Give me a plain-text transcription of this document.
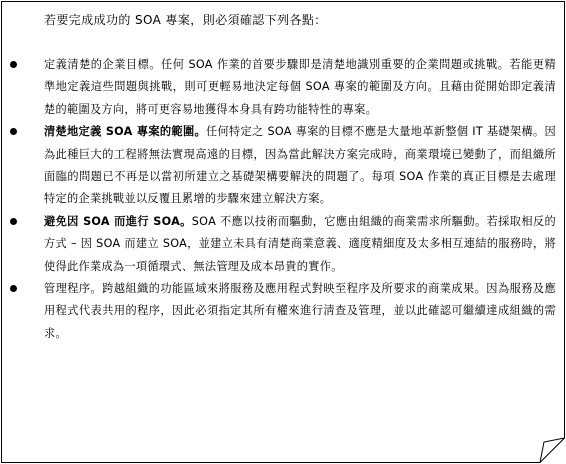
若要完成成功的 SOA 專案，則必須確認下列各點：
定義清楚的企業目標。任何 SOA 作業的首要步驟即是清楚地識別重要的企業問題或挑戰。若能更精準地定義這些問題與挑戰，則可更輕易地決定每個 SOA 專案的範圍及方向。且藉由從開始即定義清楚的範圍及方向，將可更容易地獲得本身具有跨功能特性的專案。
清楚地定義 SOA 專案的範圍。任何特定之 SOA 專案的目標不應是大量地革新整個 IT 基礎架構。因為此種巨大的工程將無法實現高遠的目標，因為當此解決方案完成時，商業環境已變動了，而組織所面臨的問題已不再是以當初所建立之基礎架構要解決的問題了。每項 SOA 作業的真正目標是去處理特定的企業挑戰並以反覆且累增的步驟來建立解決方案。
避免因 SOA 而進行 SOA。SOA 不應以技術而驅動，它應由組織的商業需求所驅動。若採取相反的方式 – 因 SOA 而建立 SOA，並建立未具有清楚商業意義、適度精細度及太多相互連結的服務時，將使得此作業成為一項循環式、無法管理及成本昂貴的實作。
管理程序。跨越組織的功能區域來將服務及應用程式對映至程序及所要求的商業成果。因為服務及應用程式代表共用的程序，因此必須指定其所有權來進行淸查及管理，並以此確認可繼續達成組織的需求。
